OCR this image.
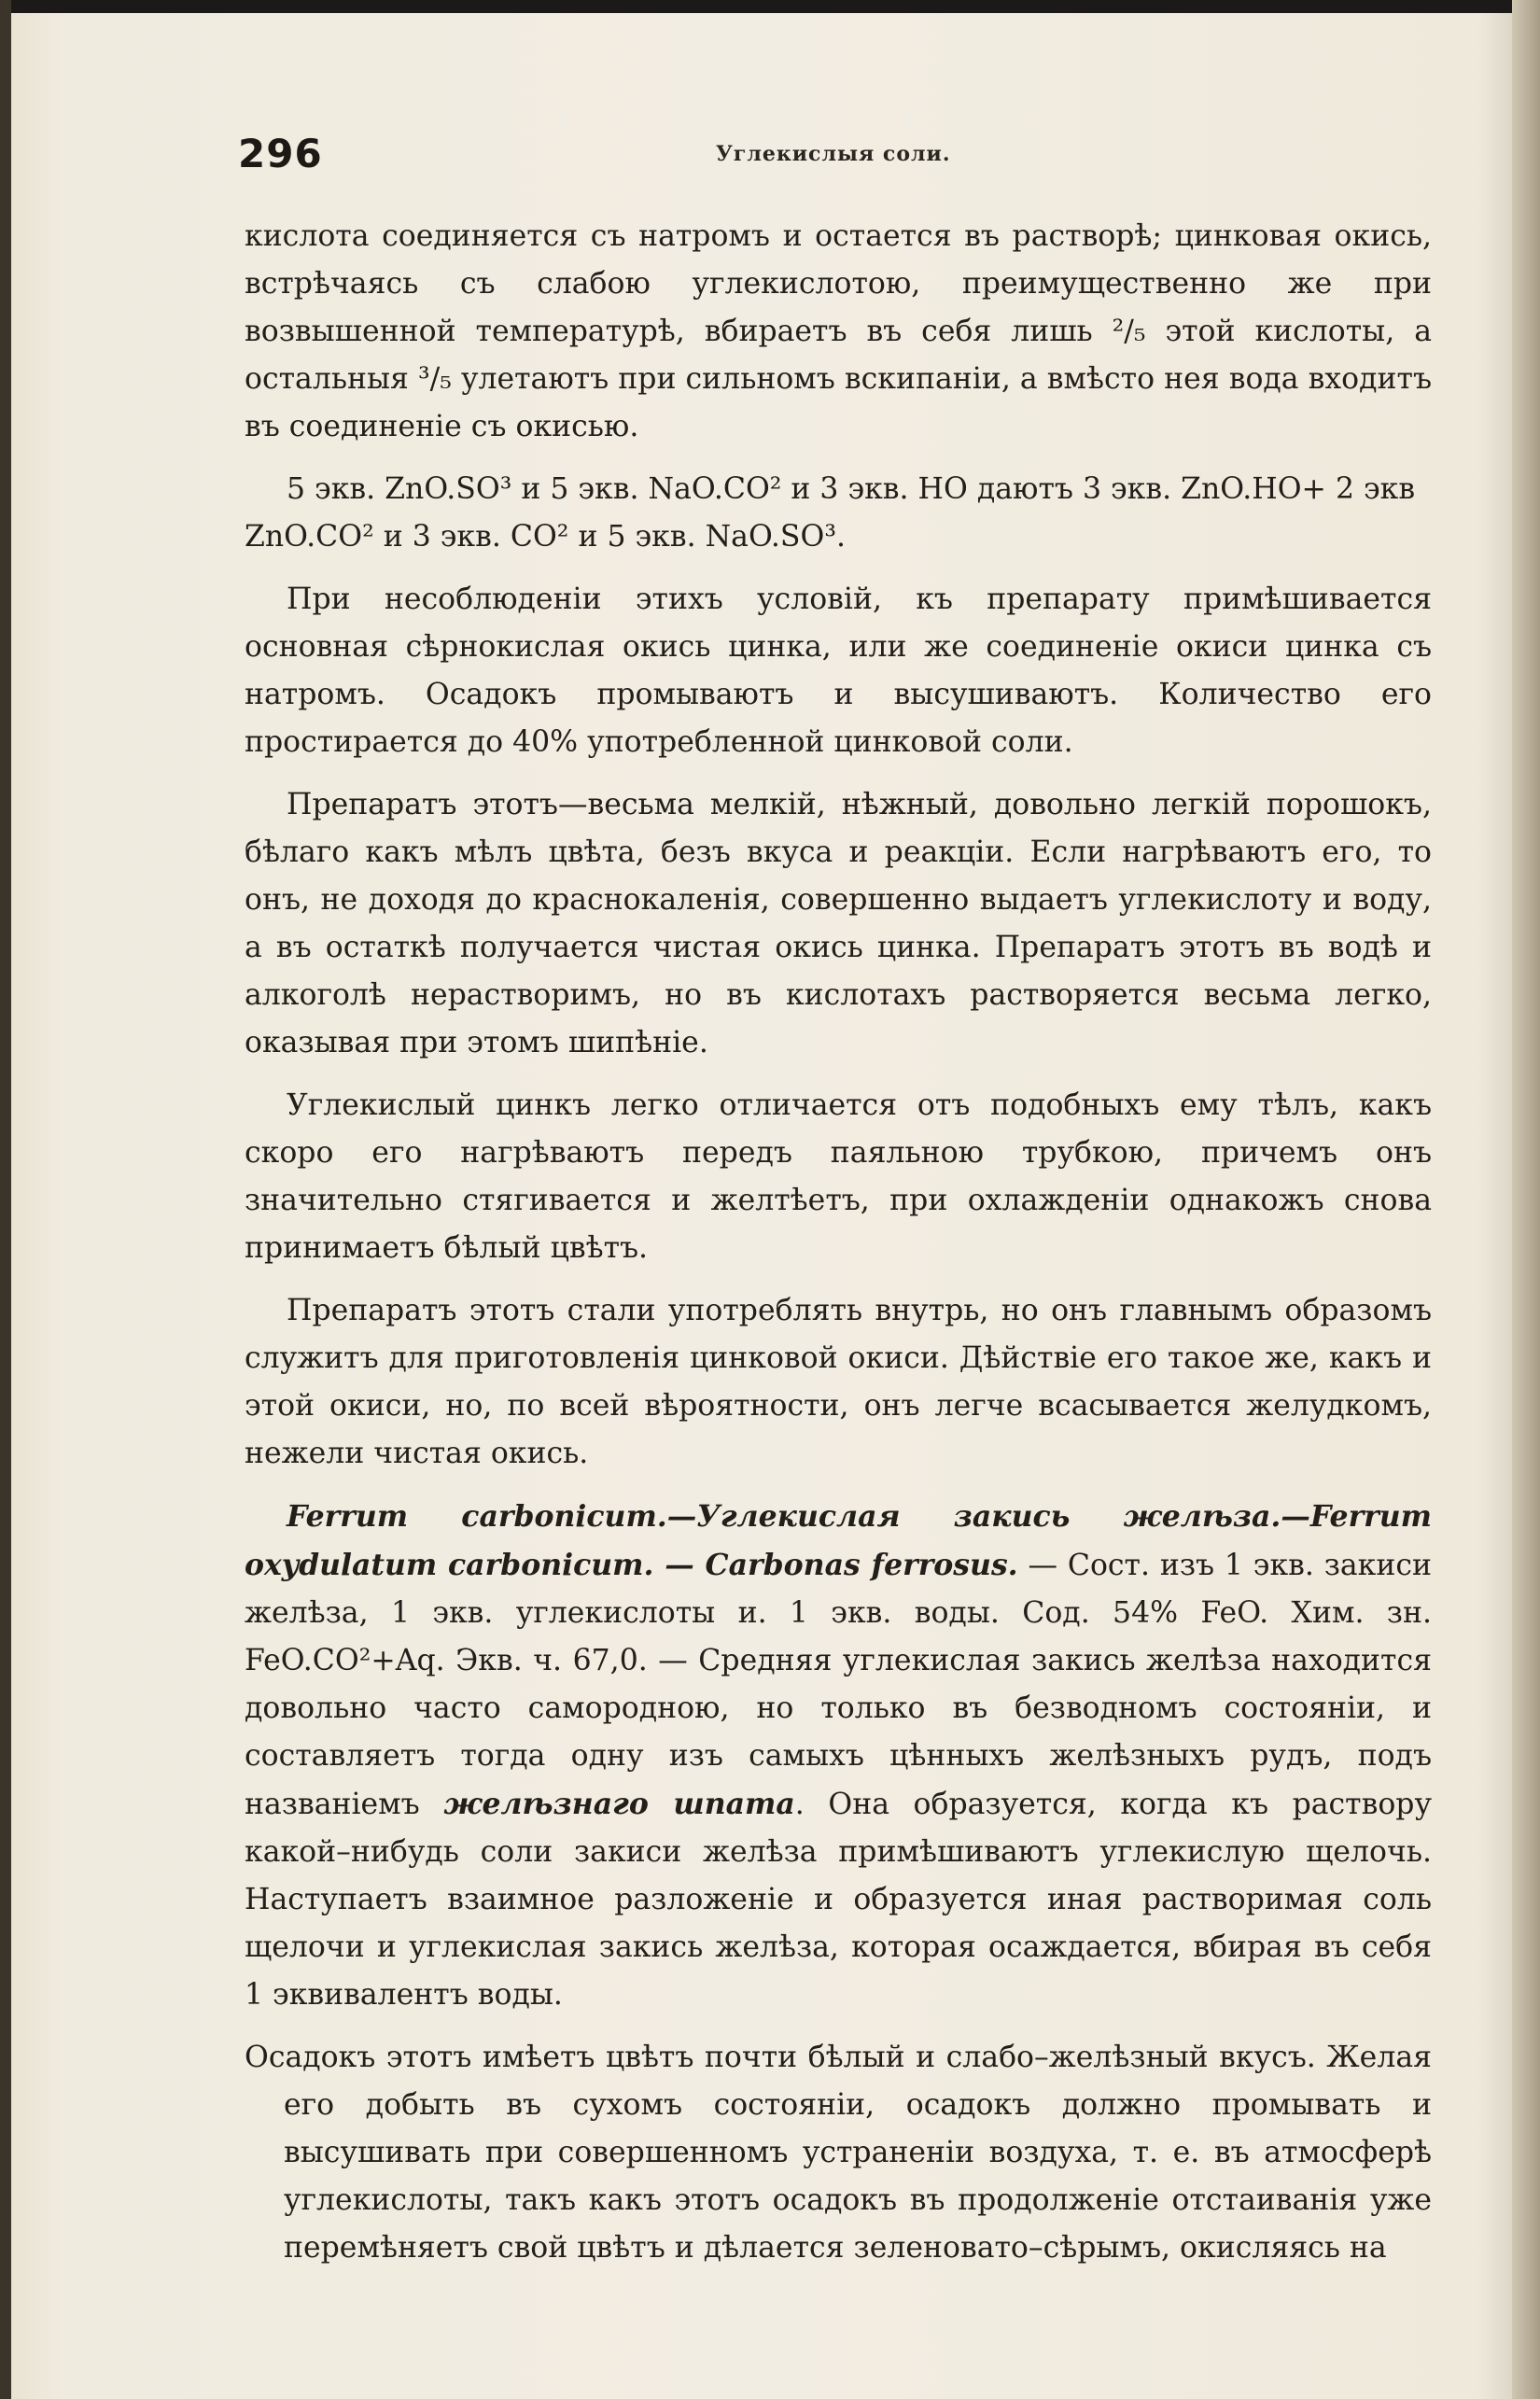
296	Углекислыя соли.

кислота соединяется съ натромъ и остается въ растворѣ; цинковая окись, встрѣчаясь съ слабою углекислотою, преимущественно же при возвышенной температурѣ, вбираетъ въ себя лишь ²/₅ этой кислоты, а остальныя ³/₅ улетаютъ при сильномъ вскипаніи, а вмѣсто нея вода входитъ въ соединеніе съ окисью.

5 экв. ZnO.SO³ и 5 экв. NaO.CO² и 3 экв. HO даютъ 3 экв. ZnO.HO+ 2 экв ZnO.CO² и 3 экв. CO² и 5 экв. NaO.SO³.

При несоблюденіи этихъ условій, къ препарату примѣшивается основная сѣрнокислая окись цинка, или же соединеніе окиси цинка съ натромъ. Осадокъ промываютъ и высушиваютъ. Количество его простирается до 40% употребленной цинковой соли.

Препаратъ этотъ—весьма мелкій, нѣжный, довольно легкій порошокъ, бѣлаго какъ мѣлъ цвѣта, безъ вкуса и реакціи. Если нагрѣваютъ его, то онъ, не доходя до краснокаленія, совершенно выдаетъ углекислоту и воду, а въ остаткѣ получается чистая окись цинка. Препаратъ этотъ въ водѣ и алкоголѣ нерастворимъ, но въ кислотахъ растворяется весьма легко, оказывая при этомъ шипѣніе.

Углекислый цинкъ легко отличается отъ подобныхъ ему тѣлъ, какъ скоро его нагрѣваютъ передъ паяльною трубкою, причемъ онъ значительно стягивается и желтѣетъ, при охлажденіи однакожъ снова принимаетъ бѣлый цвѣтъ.

Препаратъ этотъ стали употреблять внутрь, но онъ главнымъ образомъ служитъ для приготовленія цинковой окиси. Дѣйствіе его такое же, какъ и этой окиси, но, по всей вѣроятности, онъ легче всасывается желудкомъ, нежели чистая окись.

Ferrum carbonicum.—Углекислая закись желѣза.—Ferrum oxydulatum carbonicum. — Carbonas ferrosus. — Сост. изъ 1 экв. закиси желѣза, 1 экв. углекислоты и. 1 экв. воды. Сод. 54% FeO. Хим. зн. FeO.CO²+Aq. Экв. ч. 67,0. — Средняя углекислая закись желѣза находится довольно часто самородною, но только въ безводномъ состояніи, и составляетъ тогда одну изъ самыхъ цѣнныхъ желѣзныхъ рудъ, подъ названіемъ желѣзнаго шпата. Она образуется, когда къ раствору какой–нибудь соли закиси желѣза примѣшиваютъ углекислую щелочь. Наступаетъ взаимное разложеніе и образуется иная растворимая соль щелочи и углекислая закись желѣза, которая осаждается, вбирая въ себя 1 эквивалентъ воды.

Осадокъ этотъ имѣетъ цвѣтъ почти бѣлый и слабо–желѣзный вкусъ. Желая его добыть въ сухомъ состояніи, осадокъ должно промывать и высушивать при совершенномъ устраненіи воздуха, т. е. въ атмосферѣ углекислоты, такъ какъ этотъ осадокъ въ продолженіе отстаиванія уже перемѣняетъ свой цвѣтъ и дѣлается зеленовато–сѣрымъ, окисляясь на
